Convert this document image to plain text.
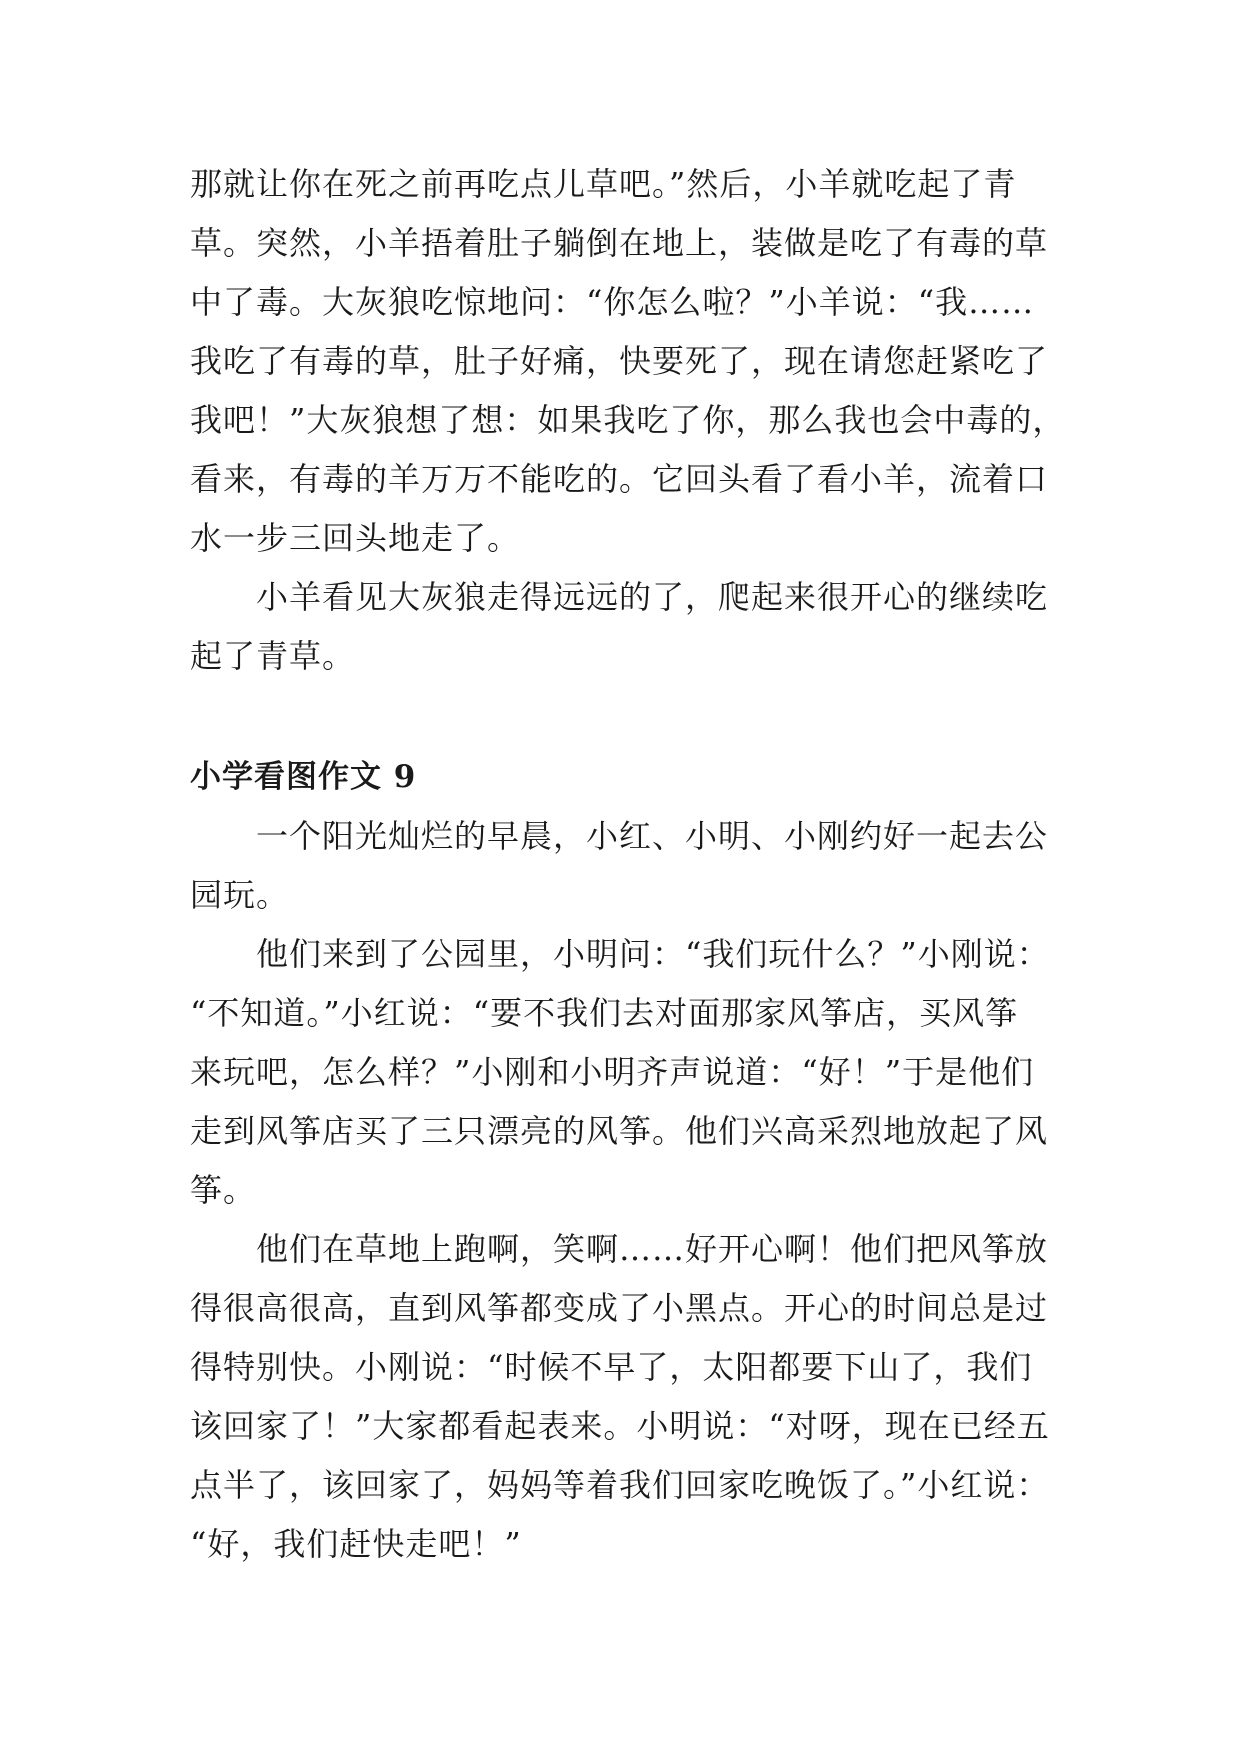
那就让你在死之前再吃点儿草吧。”然后，小羊就吃起了青

草。突然，小羊捂着肚子躺倒在地上，装做是吃了有毒的草

中了毒。大灰狼吃惊地问：“你怎么啦？”小羊说：“我……

我吃了有毒的草，肚子好痛，快要死了，现在请您赶紧吃了

我吧！”大灰狼想了想：如果我吃了你，那么我也会中毒的，

看来，有毒的羊万万不能吃的。它回头看了看小羊，流着口

水一步三回头地走了。

　　小羊看见大灰狼走得远远的了，爬起来很开心的继续吃

起了青草。

小学看图作文 9

　　一个阳光灿烂的早晨，小红、小明、小刚约好一起去公

园玩。

　　他们来到了公园里，小明问：“我们玩什么？”小刚说：

“不知道。”小红说：“要不我们去对面那家风筝店，买风筝

来玩吧，怎么样？”小刚和小明齐声说道：“好！”于是他们

走到风筝店买了三只漂亮的风筝。他们兴高采烈地放起了风

筝。

　　他们在草地上跑啊，笑啊……好开心啊！他们把风筝放

得很高很高，直到风筝都变成了小黑点。开心的时间总是过

得特别快。小刚说：“时候不早了，太阳都要下山了，我们

该回家了！”大家都看起表来。小明说：“对呀，现在已经五

点半了，该回家了，妈妈等着我们回家吃晚饭了。”小红说：

“好，我们赶快走吧！”
